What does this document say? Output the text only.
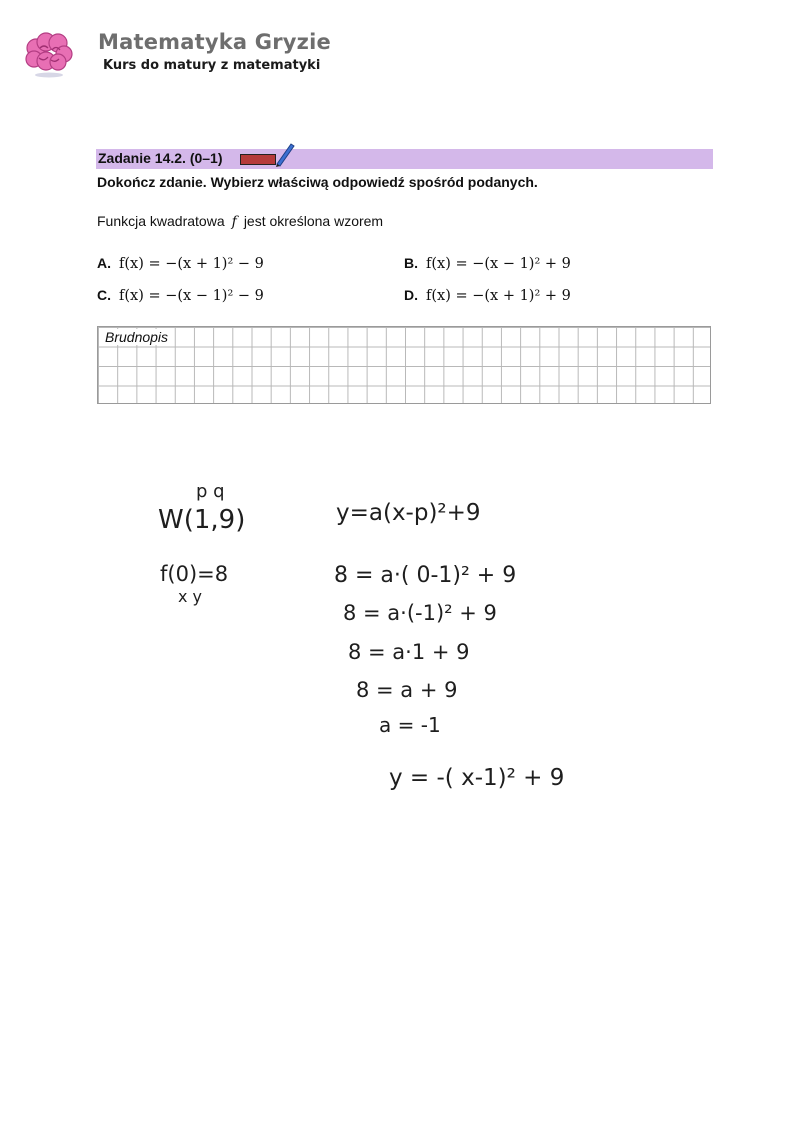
Matematyka Gryzie
Kurs do matury z matematyki
Zadanie 14.2. (0–1)
Dokończ zdanie. Wybierz właściwą odpowiedź spośród podanych.
Funkcja kwadratowa f jest określona wzorem
A. f(x) = −(x + 1)² − 9	B. f(x) = −(x − 1)² + 9
C. f(x) = −(x − 1)² − 9	D. f(x) = −(x + 1)² + 9
Brudnopis
p q
W(1,9)
f(0)=8
x y
y=a(x-p)²+9
8 = a·( 0-1)² + 9
8 = a·(-1)² + 9
8 = a·1 + 9
8 = a + 9
a = -1
y = -( x-1)² + 9
